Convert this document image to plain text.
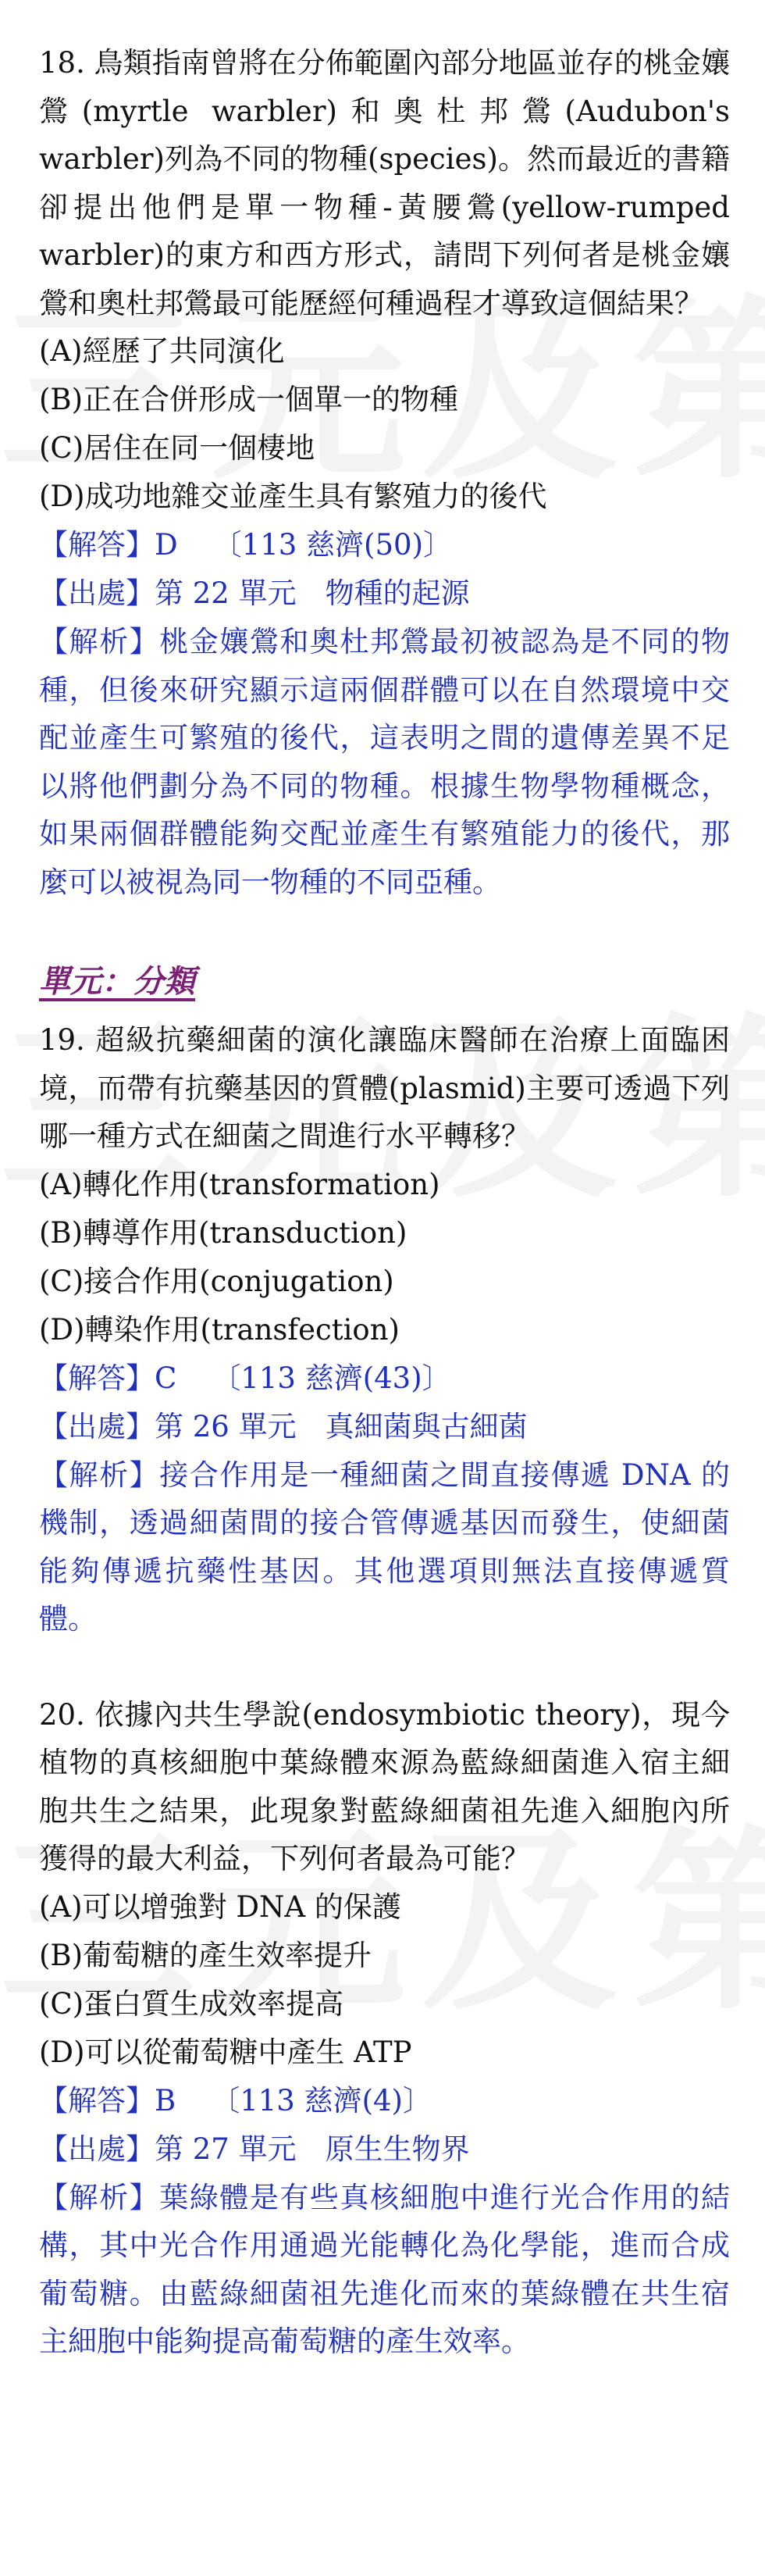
18. 鳥類指南曾將在分佈範圍內部分地區並存的桃金孃鶯(myrtle warbler)和奧杜邦鶯(Audubon's warbler)列為不同的物種(species)。然而最近的書籍卻提出他們是單一物種-黃腰鶯(yellow-rumped warbler)的東方和西方形式，請問下列何者是桃金孃鶯和奧杜邦鶯最可能歷經何種過程才導致這個結果？

(A)經歷了共同演化

(B)正在合併形成一個單一的物種

(C)居住在同一個棲地

(D)成功地雜交並產生具有繁殖力的後代

【解答】D 〔113 慈濟(50)〕

【出處】第 22 單元　物種的起源

【解析】桃金孃鶯和奧杜邦鶯最初被認為是不同的物種，但後來研究顯示這兩個群體可以在自然環境中交配並產生可繁殖的後代，這表明之間的遺傳差異不足以將他們劃分為不同的物種。根據生物學物種概念，如果兩個群體能夠交配並產生有繁殖能力的後代，那麼可以被視為同一物種的不同亞種。

單元：分類

19. 超級抗藥細菌的演化讓臨床醫師在治療上面臨困境，而帶有抗藥基因的質體(plasmid)主要可透過下列哪一種方式在細菌之間進行水平轉移？

(A)轉化作用(transformation)

(B)轉導作用(transduction)

(C)接合作用(conjugation)

(D)轉染作用(transfection)

【解答】C 〔113 慈濟(43)〕

【出處】第 26 單元　真細菌與古細菌

【解析】接合作用是一種細菌之間直接傳遞 DNA 的機制，透過細菌間的接合管傳遞基因而發生，使細菌能夠傳遞抗藥性基因。其他選項則無法直接傳遞質體。

20. 依據內共生學說(endosymbiotic theory)，現今植物的真核細胞中葉綠體來源為藍綠細菌進入宿主細胞共生之結果，此現象對藍綠細菌祖先進入細胞內所獲得的最大利益，下列何者最為可能？

(A)可以增強對 DNA 的保護

(B)葡萄糖的產生效率提升

(C)蛋白質生成效率提高

(D)可以從葡萄糖中產生 ATP

【解答】B 〔113 慈濟(4)〕

【出處】第 27 單元　原生生物界

【解析】葉綠體是有些真核細胞中進行光合作用的結構，其中光合作用通過光能轉化為化學能，進而合成葡萄糖。由藍綠細菌祖先進化而來的葉綠體在共生宿主細胞中能夠提高葡萄糖的產生效率。
